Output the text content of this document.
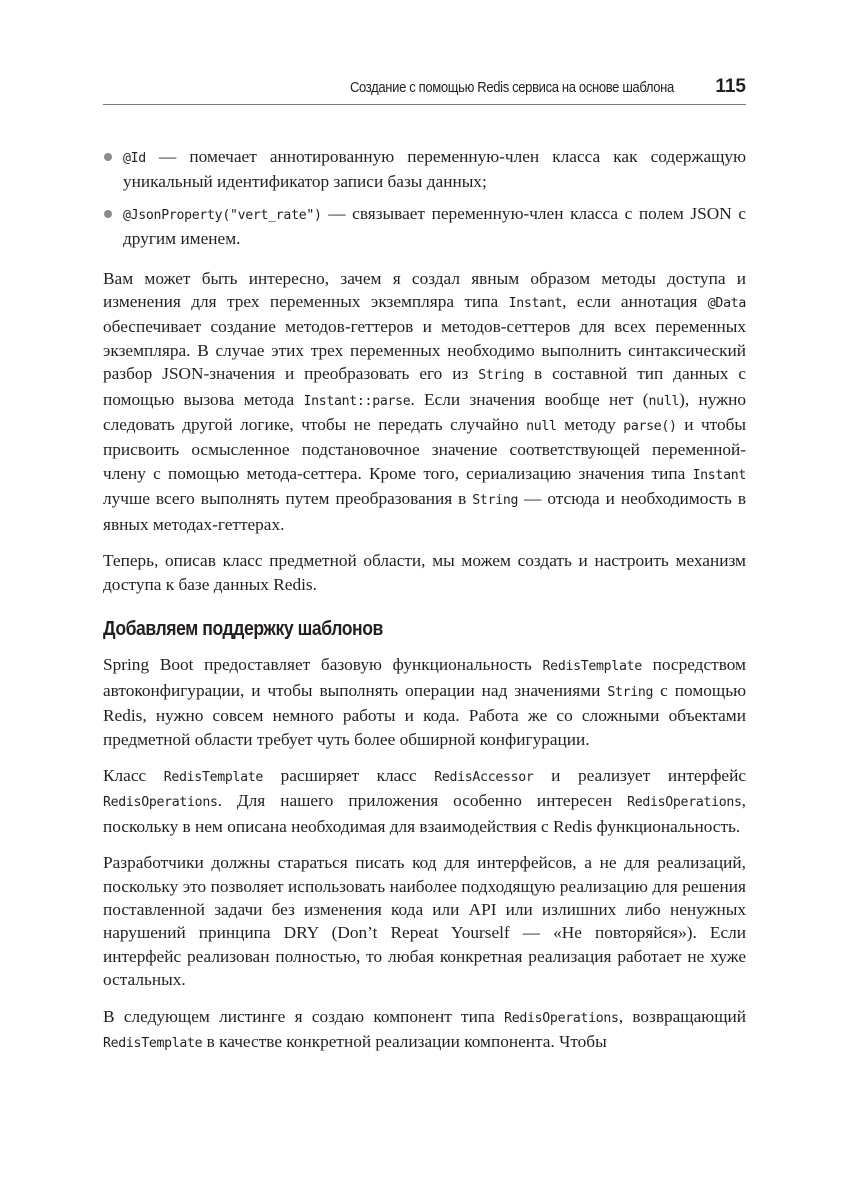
Создание с помощью Redis сервиса на основе шаблона 115
@Id — помечает аннотированную переменную-член класса как содержащую уникальный идентификатор записи базы данных;
@JsonProperty("vert_rate") — связывает переменную-член класса с полем JSON с другим именем.

Вам может быть интересно, зачем я создал явным образом методы доступа и изменения для трех переменных экземпляра типа Instant, если аннотация @Data обеспечивает создание методов-геттеров и методов-сеттеров для всех переменных экземпляра. В случае этих трех переменных необходимо выполнить синтаксический разбор JSON-значения и преобразовать его из String в составной тип данных с помощью вызова метода Instant::parse. Если значения вообще нет (null), нужно следовать другой логике, чтобы не передать случайно null методу parse() и чтобы присвоить осмысленное подстановочное значение соответствующей переменной-члену с помощью метода-сеттера. Кроме того, сериализацию значения типа Instant лучше всего выполнять путем преобразования в String — отсюда и необходимость в явных методах-геттерах.

Теперь, описав класс предметной области, мы можем создать и настроить механизм доступа к базе данных Redis.

Добавляем поддержку шаблонов

Spring Boot предоставляет базовую функциональность RedisTemplate посредством автоконфигурации, и чтобы выполнять операции над значениями String с помощью Redis, нужно совсем немного работы и кода. Работа же со сложными объектами предметной области требует чуть более обширной конфигурации.

Класс RedisTemplate расширяет класс RedisAccessor и реализует интерфейс RedisOperations. Для нашего приложения особенно интересен RedisOperations, поскольку в нем описана необходимая для взаимодействия с Redis функциональность.

Разработчики должны стараться писать код для интерфейсов, а не для реализаций, поскольку это позволяет использовать наиболее подходящую реализацию для решения поставленной задачи без изменения кода или API или излишних либо ненужных нарушений принципа DRY (Don’t Repeat Yourself — «Не повторяйся»). Если интерфейс реализован полностью, то любая конкретная реализация работает не хуже остальных.

В следующем листинге я создаю компонент типа RedisOperations, возвращающий RedisTemplate в качестве конкретной реализации компонента. Чтобы
